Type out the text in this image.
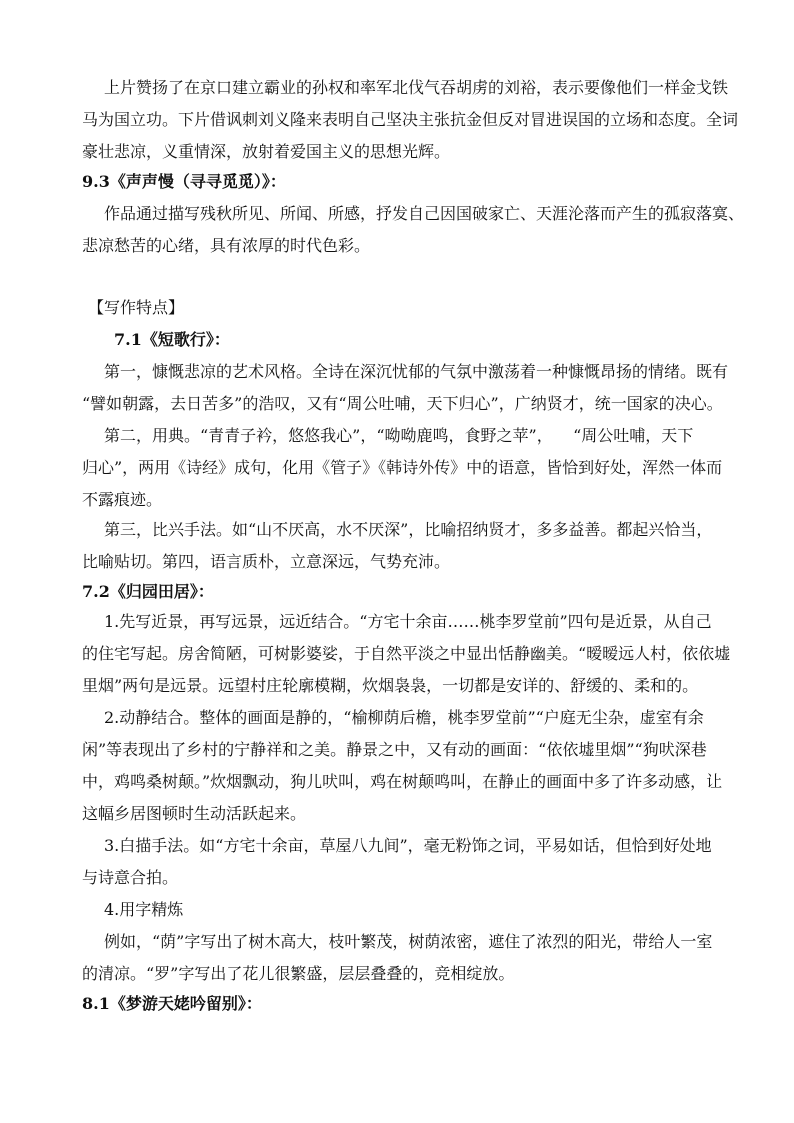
上片赞扬了在京口建立霸业的孙权和率军北伐气吞胡虏的刘裕，表示要像他们一样金戈铁
马为国立功。下片借讽刺刘义隆来表明自己坚决主张抗金但反对冒进误国的立场和态度。全词
豪壮悲凉，义重情深，放射着爱国主义的思想光辉。
9.3《声声慢（寻寻觅觅）》：
作品通过描写残秋所见、所闻、所感，抒发自己因国破家亡、天涯沦落而产生的孤寂落寞、
悲凉愁苦的心绪，具有浓厚的时代色彩。
【写作特点】
7.1《短歌行》：
第一，慷慨悲凉的艺术风格。全诗在深沉忧郁的气氛中激荡着一种慷慨昂扬的情绪。既有
“譬如朝露，去日苦多”的浩叹，又有“周公吐哺，天下归心”，广纳贤才，统一国家的决心。
第二，用典。“青青子衿，悠悠我心”，“呦呦鹿鸣，食野之苹”，    “周公吐哺，天下
归心”，两用《诗经》成句，化用《管子》《韩诗外传》中的语意，皆恰到好处，浑然一体而
不露痕迹。
第三，比兴手法。如“山不厌高，水不厌深”，比喻招纳贤才，多多益善。都起兴恰当，
比喻贴切。第四，语言质朴，立意深远，气势充沛。
7.2《归园田居》：
1.先写近景，再写远景，远近结合。“方宅十余亩……桃李罗堂前”四句是近景，从自己
的住宅写起。房舍简陋，可树影婆娑，于自然平淡之中显出恬静幽美。“暧暧远人村，依依墟
里烟”两句是远景。远望村庄轮廓模糊，炊烟袅袅，一切都是安详的、舒缓的、柔和的。
2.动静结合。整体的画面是静的，“榆柳荫后檐，桃李罗堂前”“户庭无尘杂，虚室有余
闲”等表现出了乡村的宁静祥和之美。静景之中，又有动的画面：“依依墟里烟”“狗吠深巷
中，鸡鸣桑树颠。”炊烟飘动，狗儿吠叫，鸡在树颠鸣叫，在静止的画面中多了许多动感，让
这幅乡居图顿时生动活跃起来。
3.白描手法。如“方宅十余亩，草屋八九间”，毫无粉饰之词，平易如话，但恰到好处地
与诗意合拍。
4.用字精炼
例如，“荫”字写出了树木高大，枝叶繁茂，树荫浓密，遮住了浓烈的阳光，带给人一室
的清凉。“罗”字写出了花儿很繁盛，层层叠叠的，竞相绽放。
8.1《梦游天姥吟留别》：
